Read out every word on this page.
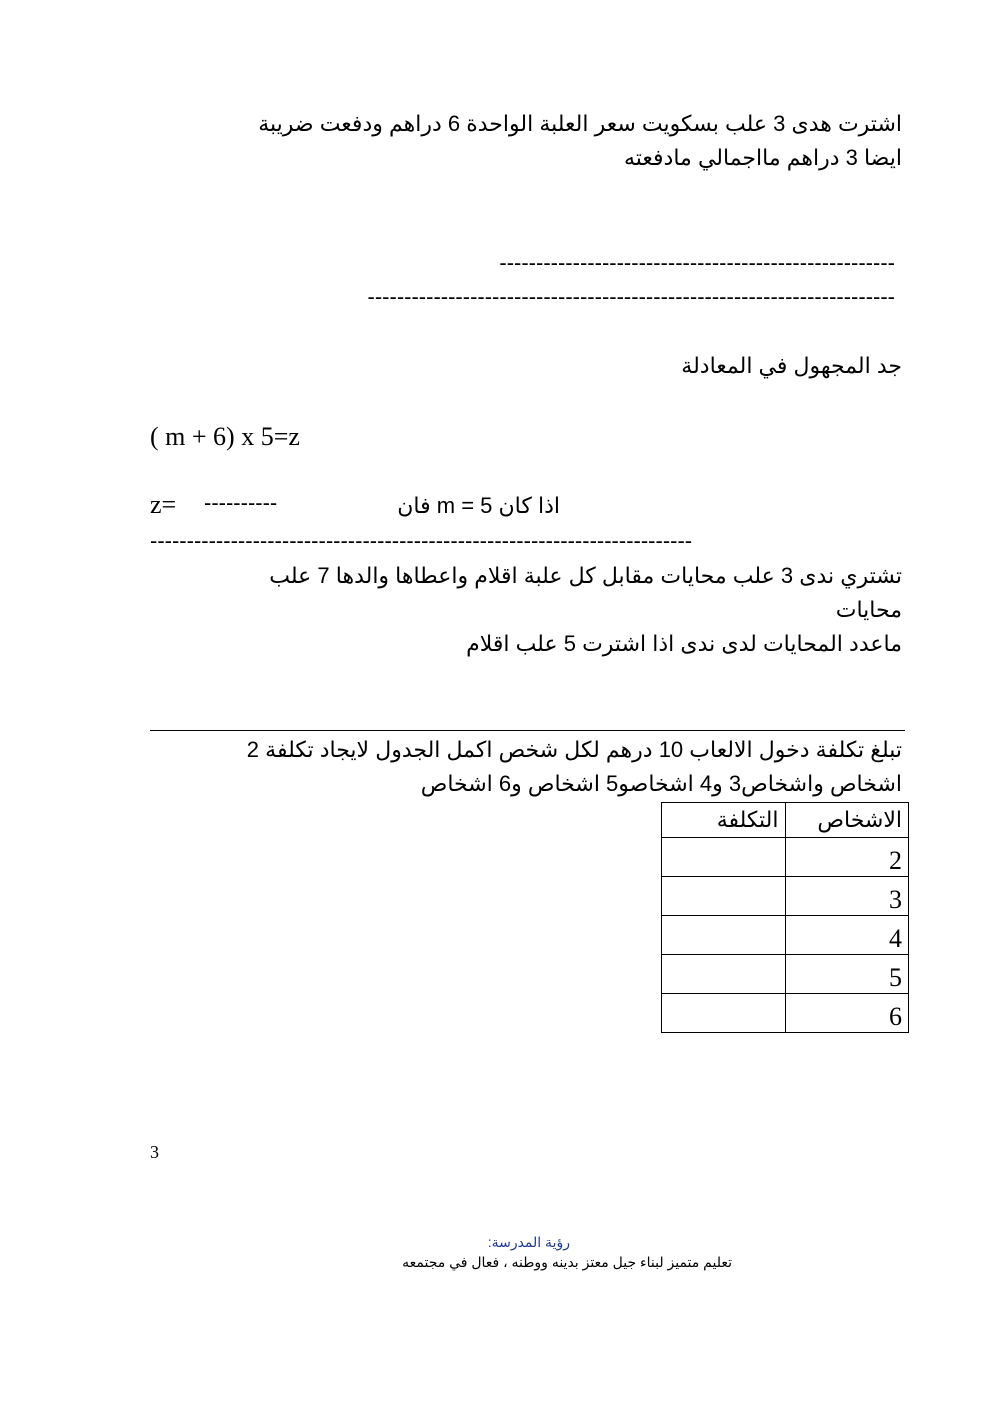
اشترت هدى 3 علب بسكويت سعر العلبة الواحدة 6 دراهم ودفعت ضريبة
ايضا 3 دراهم مااجمالي مادفعته
------------------------------------------------------
------------------------------------------------------------------------
جد المجهول في المعادلة
( m + 6) x 5=z
z= ----------	اذا كان m = 5 فان
--------------------------------------------------------------------------
تشتري ندى 3 علب محايات مقابل كل علبة اقلام واعطاها والدها 7 علب
محايات
ماعدد المحايات لدى ندى اذا اشترت 5 علب اقلام
تبلغ تكلفة دخول الالعاب 10 درهم لكل شخص اكمل الجدول لايجاد تكلفة 2
اشخاص واشخاص3 و4 اشخاصو5 اشخاص و6 اشخاص
الاشخاص	التكلفة
2	
3	
4	
5	
6	
3
رؤية المدرسة:
تعليم متميز لبناء جيل معتز بدينه ووطنه ، فعال في مجتمعه
